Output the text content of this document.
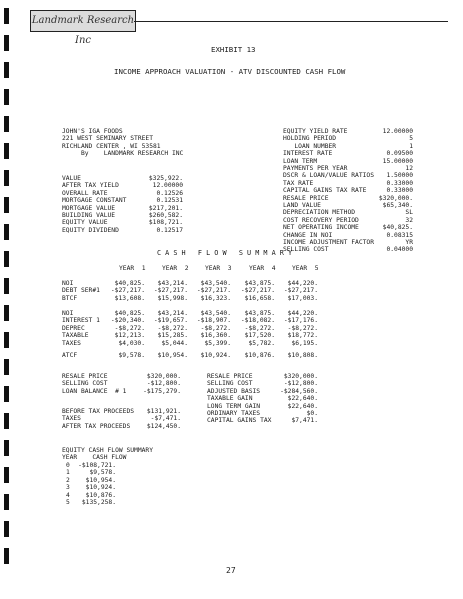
Landmark Research Inc
EXHIBIT 13
INCOME APPROACH VALUATION - ATV DISCOUNTED CASH FLOW
JOHN'S IGA FOODS
221 WEST SEMINARY STREET
RICHLAND CENTER , WI 53581
By    LANDMARK RESEARCH INC
VALUE	$325,922.
AFTER TAX YIELD	12.00000
OVERALL RATE	0.12526
MORTGAGE CONSTANT	0.12531
MORTGAGE VALUE	$217,201.
BUILDING VALUE	$260,582.
EQUITY VALUE	$108,721.
EQUITY DIVIDEND	0.12517
EQUITY YIELD RATE	12.00000
HOLDING PERIOD	5
LOAN NUMBER	1
INTEREST RATE	0.09500
LOAN TERM	15.00000
PAYMENTS PER YEAR	12
DSCR & LOAN/VALUE RATIOS 1.50000
TAX RATE	0.33000
CAPITAL GAINS TAX RATE	0.33000
RESALE PRICE	$320,000.
LAND VALUE	$65,340.
DEPRECIATION METHOD	SL
COST RECOVERY PERIOD	32
NET OPERATING INCOME	$40,825.
CHANGE IN NOI	0.08315
INCOME ADJUSTMENT FACTOR	YR
SELLING COST	0.04000
C A S H   F L O W   S U M M A R Y
YEAR  1	YEAR  2	YEAR  3	YEAR  4	YEAR  5
NOI	$40,825. $43,214. $43,540. $43,875. $44,220.
DEBT SER#1 -$27,217. -$27,217. -$27,217. -$27,217. -$27,217.
BTCF	$13,608. $15,998. $16,323. $16,658. $17,003.
NOI	$40,825. $43,214. $43,540. $43,875. $44,220.
INTEREST 1 -$20,340. -$19,657. -$18,907. -$18,082. -$17,176.
DEPREC	-$8,272. -$8,272. -$8,272. -$8,272. -$8,272.
TAXABLE	$12,213. $15,285. $16,360. $17,520. $18,772.
TAXES	$4,030.	$5,044.	$5,399.	$5,782.	$6,195.
ATCF	$9,578. $10,954. $10,924. $10,876. $10,808.
RESALE PRICE	$320,000.
SELLING COST	-$12,800.
LOAN BALANCE  # 1	-$175,279.
BEFORE TAX PROCEEDS $131,921.
TAXES	-$7,471.
AFTER TAX PROCEEDS	$124,450.
RESALE PRICE	$320,000.
SELLING COST	-$12,800.
ADJUSTED BASIS	-$284,560.
TAXABLE GAIN	$22,640.
LONG TERM GAIN	$22,640.
ORDINARY TAXES	$0.
CAPITAL GAINS TAX	$7,471.
EQUITY CASH FLOW SUMMARY
YEAR    CASH FLOW
0 -$108,721.
1	$9,578.
2	$10,954.
3	$10,924.
4	$10,876.
5 $135,258.
27
